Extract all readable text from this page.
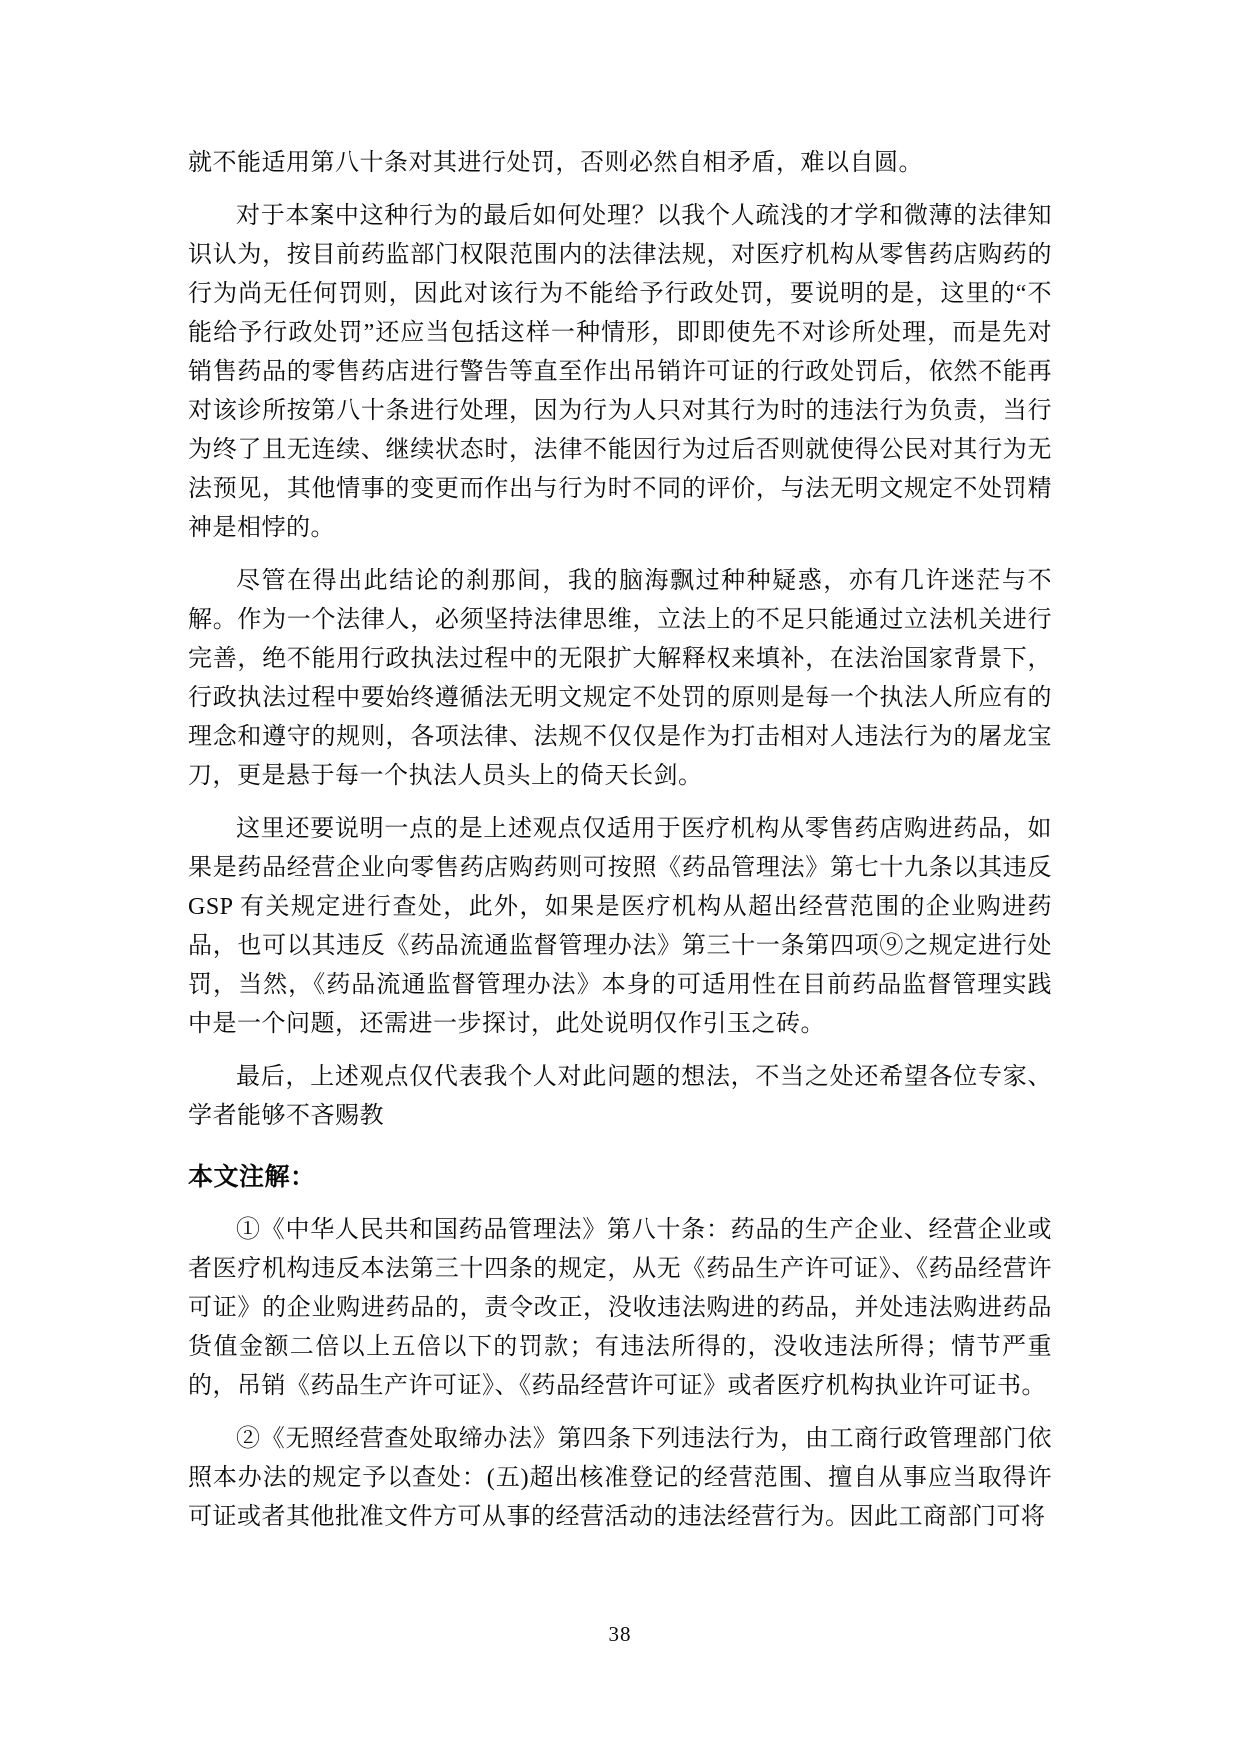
就不能适用第八十条对其进行处罚，否则必然自相矛盾，难以自圆。

对于本案中这种行为的最后如何处理？以我个人疏浅的才学和微薄的法律知识认为，按目前药监部门权限范围内的法律法规，对医疗机构从零售药店购药的行为尚无任何罚则，因此对该行为不能给予行政处罚，要说明的是，这里的“不能给予行政处罚”还应当包括这样一种情形，即即使先不对诊所处理，而是先对销售药品的零售药店进行警告等直至作出吊销许可证的行政处罚后，依然不能再对该诊所按第八十条进行处理，因为行为人只对其行为时的违法行为负责，当行为终了且无连续、继续状态时，法律不能因行为过后否则就使得公民对其行为无法预见，其他情事的变更而作出与行为时不同的评价，与法无明文规定不处罚精神是相悖的。

尽管在得出此结论的刹那间，我的脑海飘过种种疑惑，亦有几许迷茫与不解。作为一个法律人，必须坚持法律思维，立法上的不足只能通过立法机关进行完善，绝不能用行政执法过程中的无限扩大解释权来填补，在法治国家背景下，行政执法过程中要始终遵循法无明文规定不处罚的原则是每一个执法人所应有的理念和遵守的规则，各项法律、法规不仅仅是作为打击相对人违法行为的屠龙宝刀，更是悬于每一个执法人员头上的倚天长剑。

这里还要说明一点的是上述观点仅适用于医疗机构从零售药店购进药品，如果是药品经营企业向零售药店购药则可按照《药品管理法》第七十九条以其违反 GSP 有关规定进行查处，此外，如果是医疗机构从超出经营范围的企业购进药品，也可以其违反《药品流通监督管理办法》第三十一条第四项⑨之规定进行处罚，当然，《药品流通监督管理办法》本身的可适用性在目前药品监督管理实践中是一个问题，还需进一步探讨，此处说明仅作引玉之砖。

最后，上述观点仅代表我个人对此问题的想法，不当之处还希望各位专家、学者能够不吝赐教

本文注解：

①《中华人民共和国药品管理法》第八十条：药品的生产企业、经营企业或者医疗机构违反本法第三十四条的规定，从无《药品生产许可证》、《药品经营许可证》的企业购进药品的，责令改正，没收违法购进的药品，并处违法购进药品货值金额二倍以上五倍以下的罚款；有违法所得的，没收违法所得；情节严重的，吊销《药品生产许可证》、《药品经营许可证》或者医疗机构执业许可证书。

②《无照经营查处取缔办法》第四条下列违法行为，由工商行政管理部门依照本办法的规定予以查处：(五)超出核准登记的经营范围、擅自从事应当取得许可证或者其他批准文件方可从事的经营活动的违法经营行为。因此工商部门可将

38
